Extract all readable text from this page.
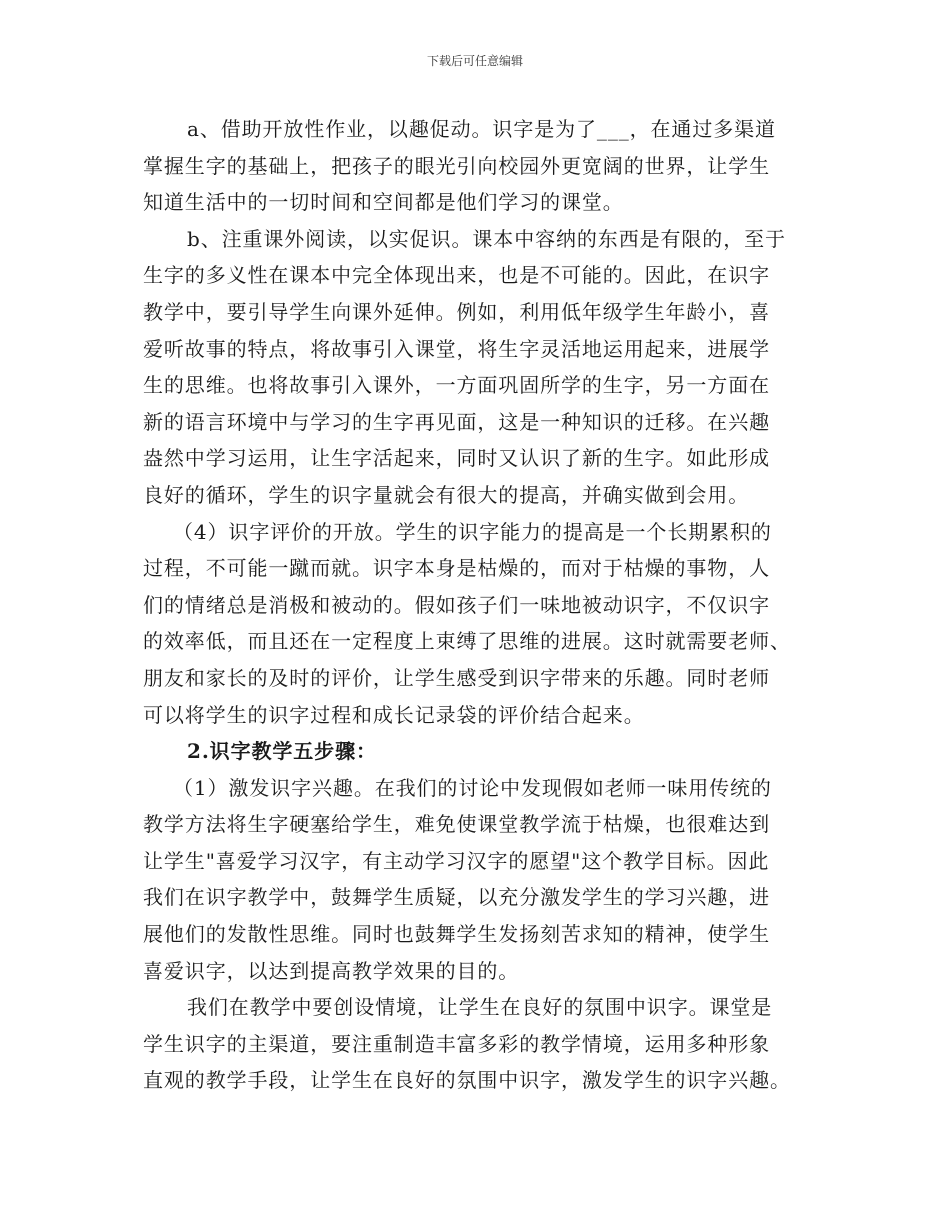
下载后可任意编辑
a、借助开放性作业，以趣促动。识字是为了___，在通过多渠道
掌握生字的基础上，把孩子的眼光引向校园外更宽阔的世界，让学生
知道生活中的一切时间和空间都是他们学习的课堂。
b、注重课外阅读，以实促识。课本中容纳的东西是有限的，至于
生字的多义性在课本中完全体现出来，也是不可能的。因此，在识字
教学中，要引导学生向课外延伸。例如，利用低年级学生年龄小，喜
爱听故事的特点，将故事引入课堂，将生字灵活地运用起来，进展学
生的思维。也将故事引入课外，一方面巩固所学的生字，另一方面在
新的语言环境中与学习的生字再见面，这是一种知识的迁移。在兴趣
盎然中学习运用，让生字活起来，同时又认识了新的生字。如此形成
良好的循环，学生的识字量就会有很大的提高，并确实做到会用。
（4）识字评价的开放。学生的识字能力的提高是一个长期累积的
过程，不可能一蹴而就。识字本身是枯燥的，而对于枯燥的事物，人
们的情绪总是消极和被动的。假如孩子们一味地被动识字，不仅识字
的效率低，而且还在一定程度上束缚了思维的进展。这时就需要老师、
朋友和家长的及时的评价，让学生感受到识字带来的乐趣。同时老师
可以将学生的识字过程和成长记录袋的评价结合起来。
2.识字教学五步骤：
（1）激发识字兴趣。在我们的讨论中发现假如老师一味用传统的
教学方法将生字硬塞给学生，难免使课堂教学流于枯燥，也很难达到
让学生"喜爱学习汉字，有主动学习汉字的愿望"这个教学目标。因此
我们在识字教学中，鼓舞学生质疑，以充分激发学生的学习兴趣，进
展他们的发散性思维。同时也鼓舞学生发扬刻苦求知的精神，使学生
喜爱识字，以达到提高教学效果的目的。
我们在教学中要创设情境，让学生在良好的氛围中识字。课堂是
学生识字的主渠道，要注重制造丰富多彩的教学情境，运用多种形象
直观的教学手段，让学生在良好的氛围中识字，激发学生的识字兴趣。
